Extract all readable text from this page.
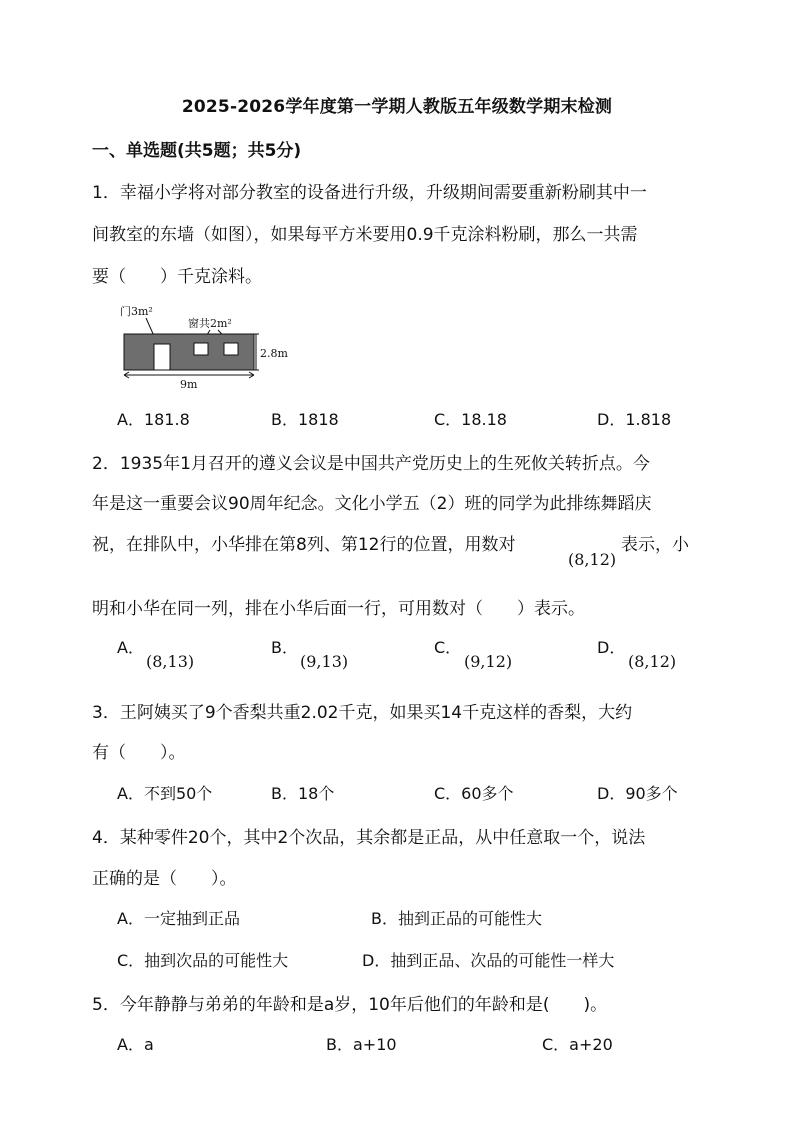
2025-2026学年度第一学期人教版五年级数学期末检测
一、单选题(共5题；共5分)
1．幸福小学将对部分教室的设备进行升级，升级期间需要重新粉刷其中一
间教室的东墙（如图），如果每平方米要用0.9千克涂料粉刷，那么一共需
要（　　）千克涂料。
门3m²
窗共2m²
2.8m
9m
A．181.8	B．1818	C．18.18	D．1.818
2．1935年1月召开的遵义会议是中国共产党历史上的生死攸关转折点。今
年是这一重要会议90周年纪念。文化小学五（2）班的同学为此排练舞蹈庆
祝，在排队中，小华排在第8列、第12行的位置，用数对
(8,12)
表示，小
明和小华在同一列，排在小华后面一行，可用数对（　　）表示。
A．
(8,13)
B．
(9,13)
C．
(9,12)
D．
(8,12)
3．王阿姨买了9个香梨共重2.02千克，如果买14千克这样的香梨，大约
有（　　）。
A．不到50个	B．18个	C．60多个	D．90多个
4．某种零件20个，其中2个次品，其余都是正品，从中任意取一个，说法
正确的是（　　）。
A．一定抽到正品	B．抽到正品的可能性大
C．抽到次品的可能性大	D．抽到正品、次品的可能性一样大
5．今年静静与弟弟的年龄和是a岁，10年后他们的年龄和是(　　)。
A．a	B．a+10	C．a+20
